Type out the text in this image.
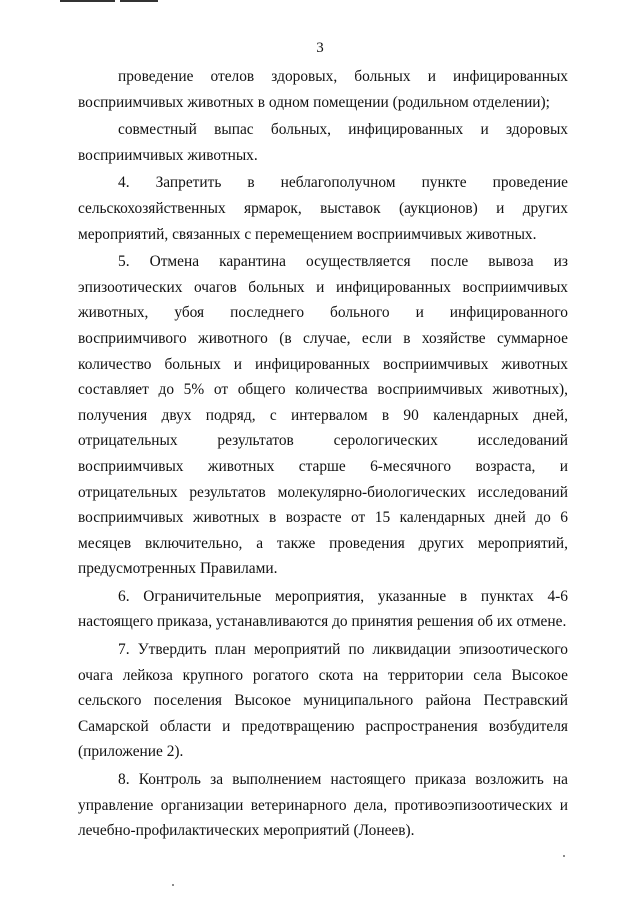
3

проведение отелов здоровых, больных и инфицированных восприимчивых животных в одном помещении (родильном отделении);

совместный выпас больных, инфицированных и здоровых восприимчивых животных.

4. Запретить в неблагополучном пункте проведение сельскохозяйственных ярмарок, выставок (аукционов) и других мероприятий, связанных с перемещением восприимчивых животных.

5. Отмена карантина осуществляется после вывоза из эпизоотических очагов больных и инфицированных восприимчивых животных, убоя последнего больного и инфицированного восприимчивого животного (в случае, если в хозяйстве суммарное количество больных и инфицированных восприимчивых животных составляет до 5% от общего количества восприимчивых животных), получения двух подряд, с интервалом в 90 календарных дней, отрицательных результатов серологических исследований восприимчивых животных старше 6-месячного возраста, и отрицательных результатов молекулярно-биологических исследований восприимчивых животных в возрасте от 15 календарных дней до 6 месяцев включительно, а также проведения других мероприятий, предусмотренных Правилами.

6. Ограничительные мероприятия, указанные в пунктах 4-6 настоящего приказа, устанавливаются до принятия решения об их отмене.

7. Утвердить план мероприятий по ликвидации эпизоотического очага лейкоза крупного рогатого скота на территории села Высокое сельского поселения Высокое муниципального района Пестравский Самарской области и предотвращению распространения возбудителя (приложение 2).

8. Контроль за выполнением настоящего приказа возложить на управление организации ветеринарного дела, противоэпизоотических и лечебно-профилактических мероприятий (Лонеев).
